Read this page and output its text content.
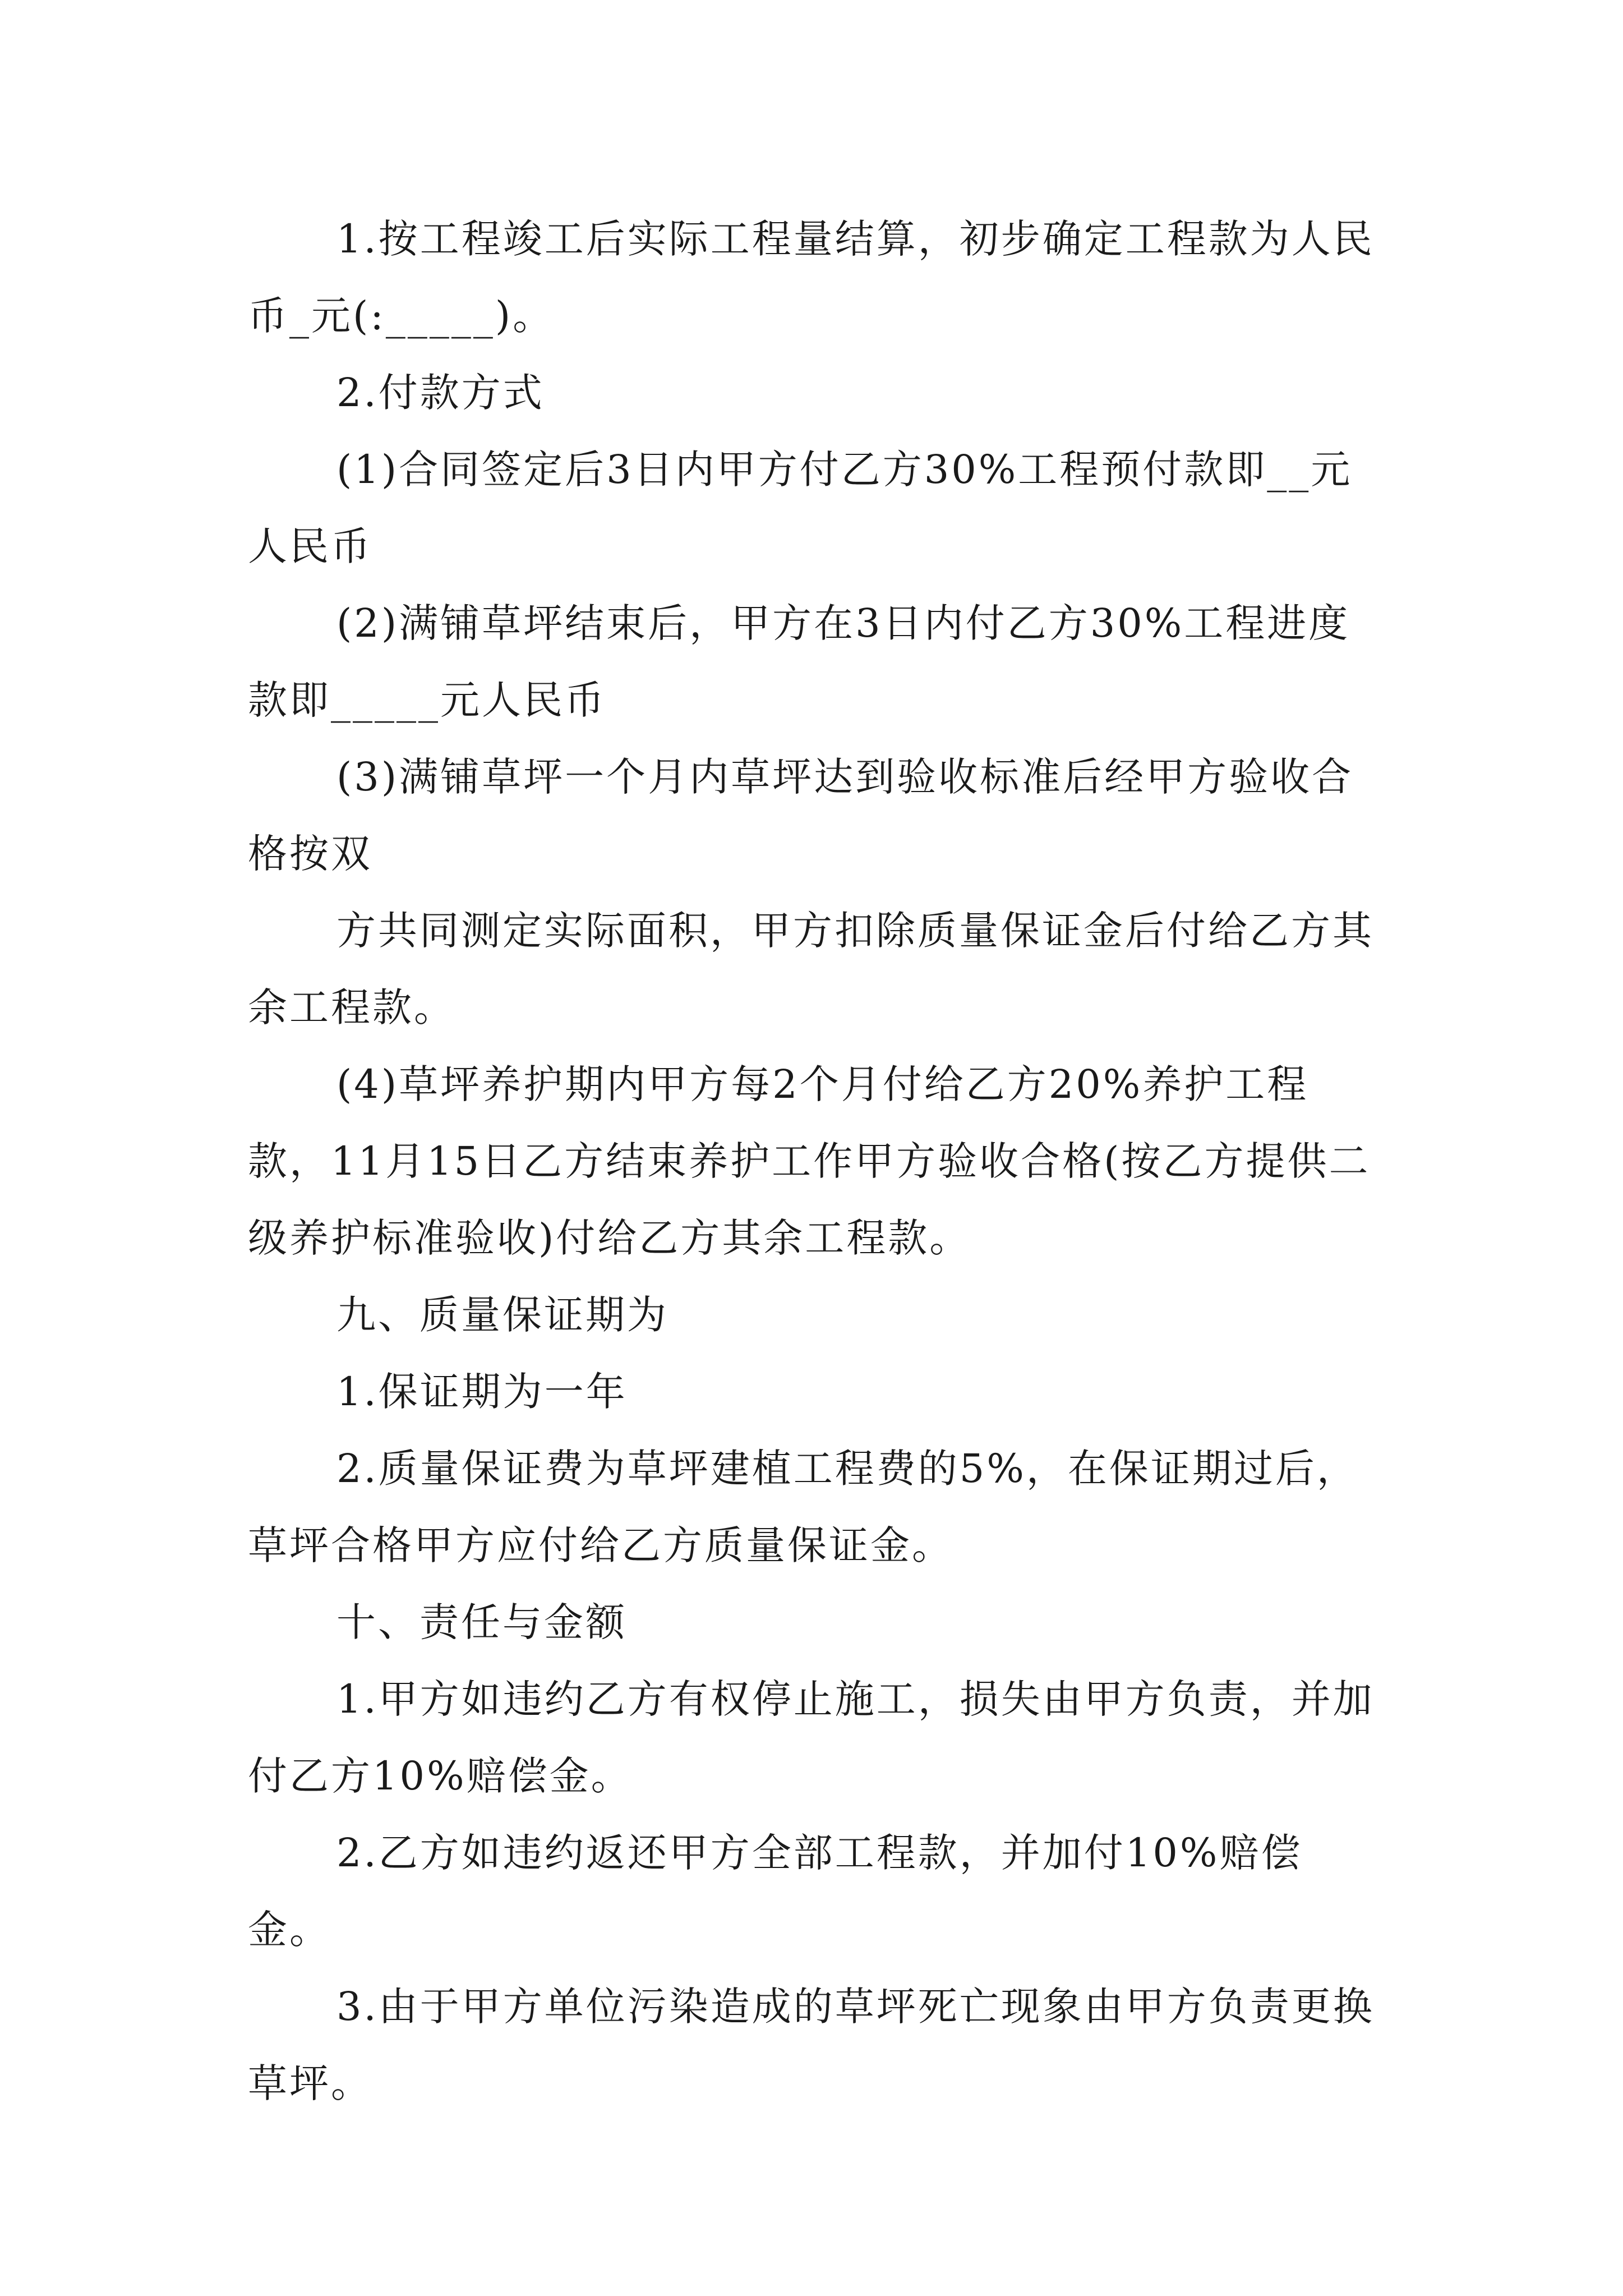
1.按工程竣工后实际工程量结算，初步确定工程款为人民币_元(:_____)。

2.付款方式

(1)合同签定后3日内甲方付乙方30%工程预付款即__元人民币

(2)满铺草坪结束后，甲方在3日内付乙方30%工程进度款即_____元人民币

(3)满铺草坪一个月内草坪达到验收标准后经甲方验收合格按双

方共同测定实际面积，甲方扣除质量保证金后付给乙方其余工程款。

(4)草坪养护期内甲方每2个月付给乙方20%养护工程款，11月15日乙方结束养护工作甲方验收合格(按乙方提供二级养护标准验收)付给乙方其余工程款。

九、质量保证期为

1.保证期为一年

2.质量保证费为草坪建植工程费的5%，在保证期过后，草坪合格甲方应付给乙方质量保证金。

十、责任与金额

1.甲方如违约乙方有权停止施工，损失由甲方负责，并加付乙方10%赔偿金。

2.乙方如违约返还甲方全部工程款，并加付10%赔偿金。

3.由于甲方单位污染造成的草坪死亡现象由甲方负责更换草坪。
